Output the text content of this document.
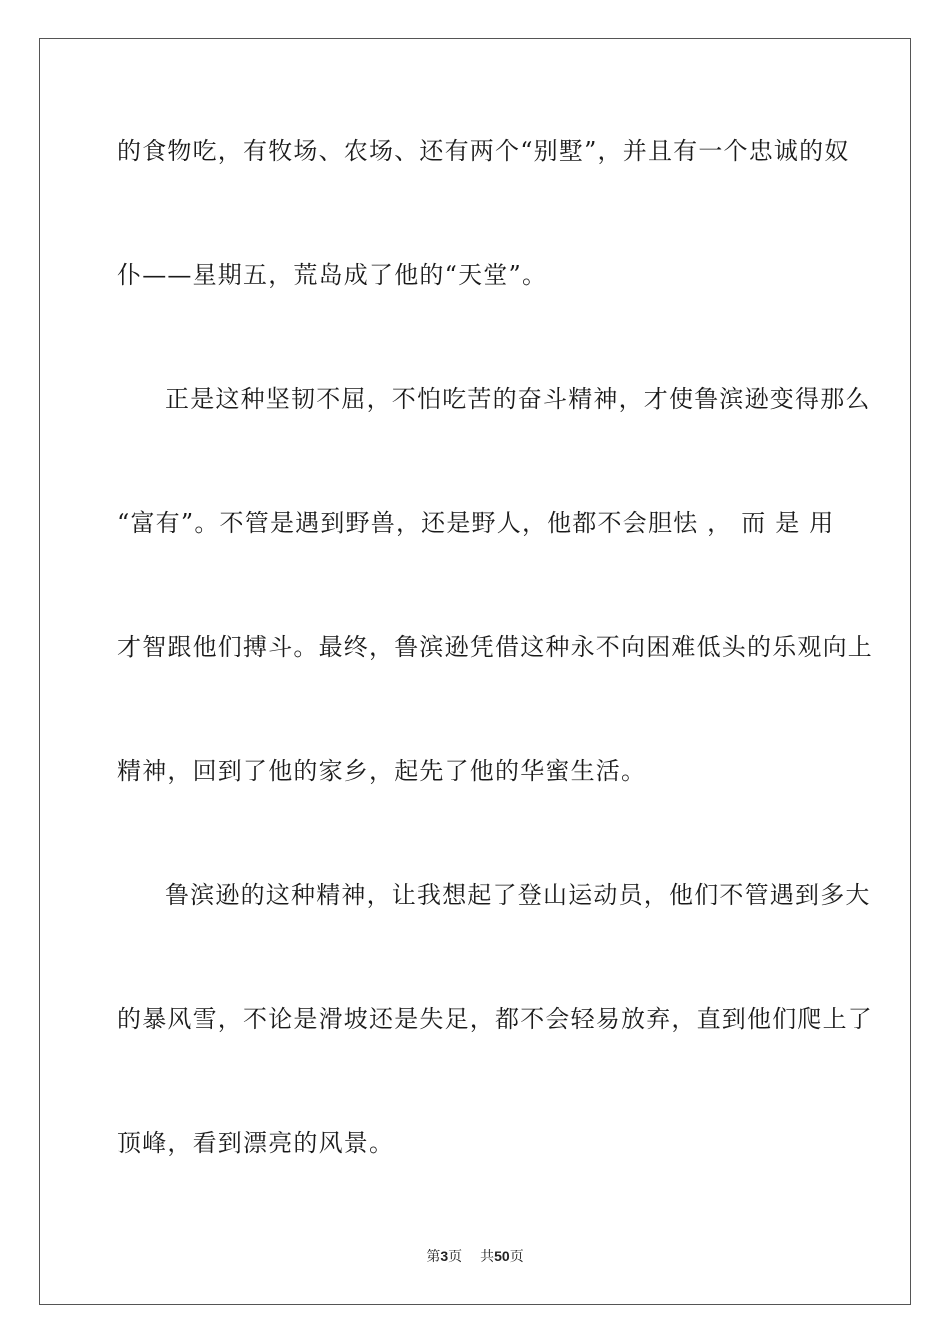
的食物吃，有牧场、农场、还有两个“别墅”，并且有一个忠诚的奴
仆——星期五，荒岛成了他的“天堂”。
正是这种坚韧不屈，不怕吃苦的奋斗精神，才使鲁滨逊变得那么
“富有”。不管是遇到野兽，还是野人，他都不会胆怯 ， 而 是 用
才智跟他们搏斗。最终，鲁滨逊凭借这种永不向困难低头的乐观向上
精神，回到了他的家乡，起先了他的华蜜生活。
鲁滨逊的这种精神，让我想起了登山运动员，他们不管遇到多大
的暴风雪，不论是滑坡还是失足，都不会轻易放弃，直到他们爬上了
顶峰，看到漂亮的风景。
第3页 共50页
